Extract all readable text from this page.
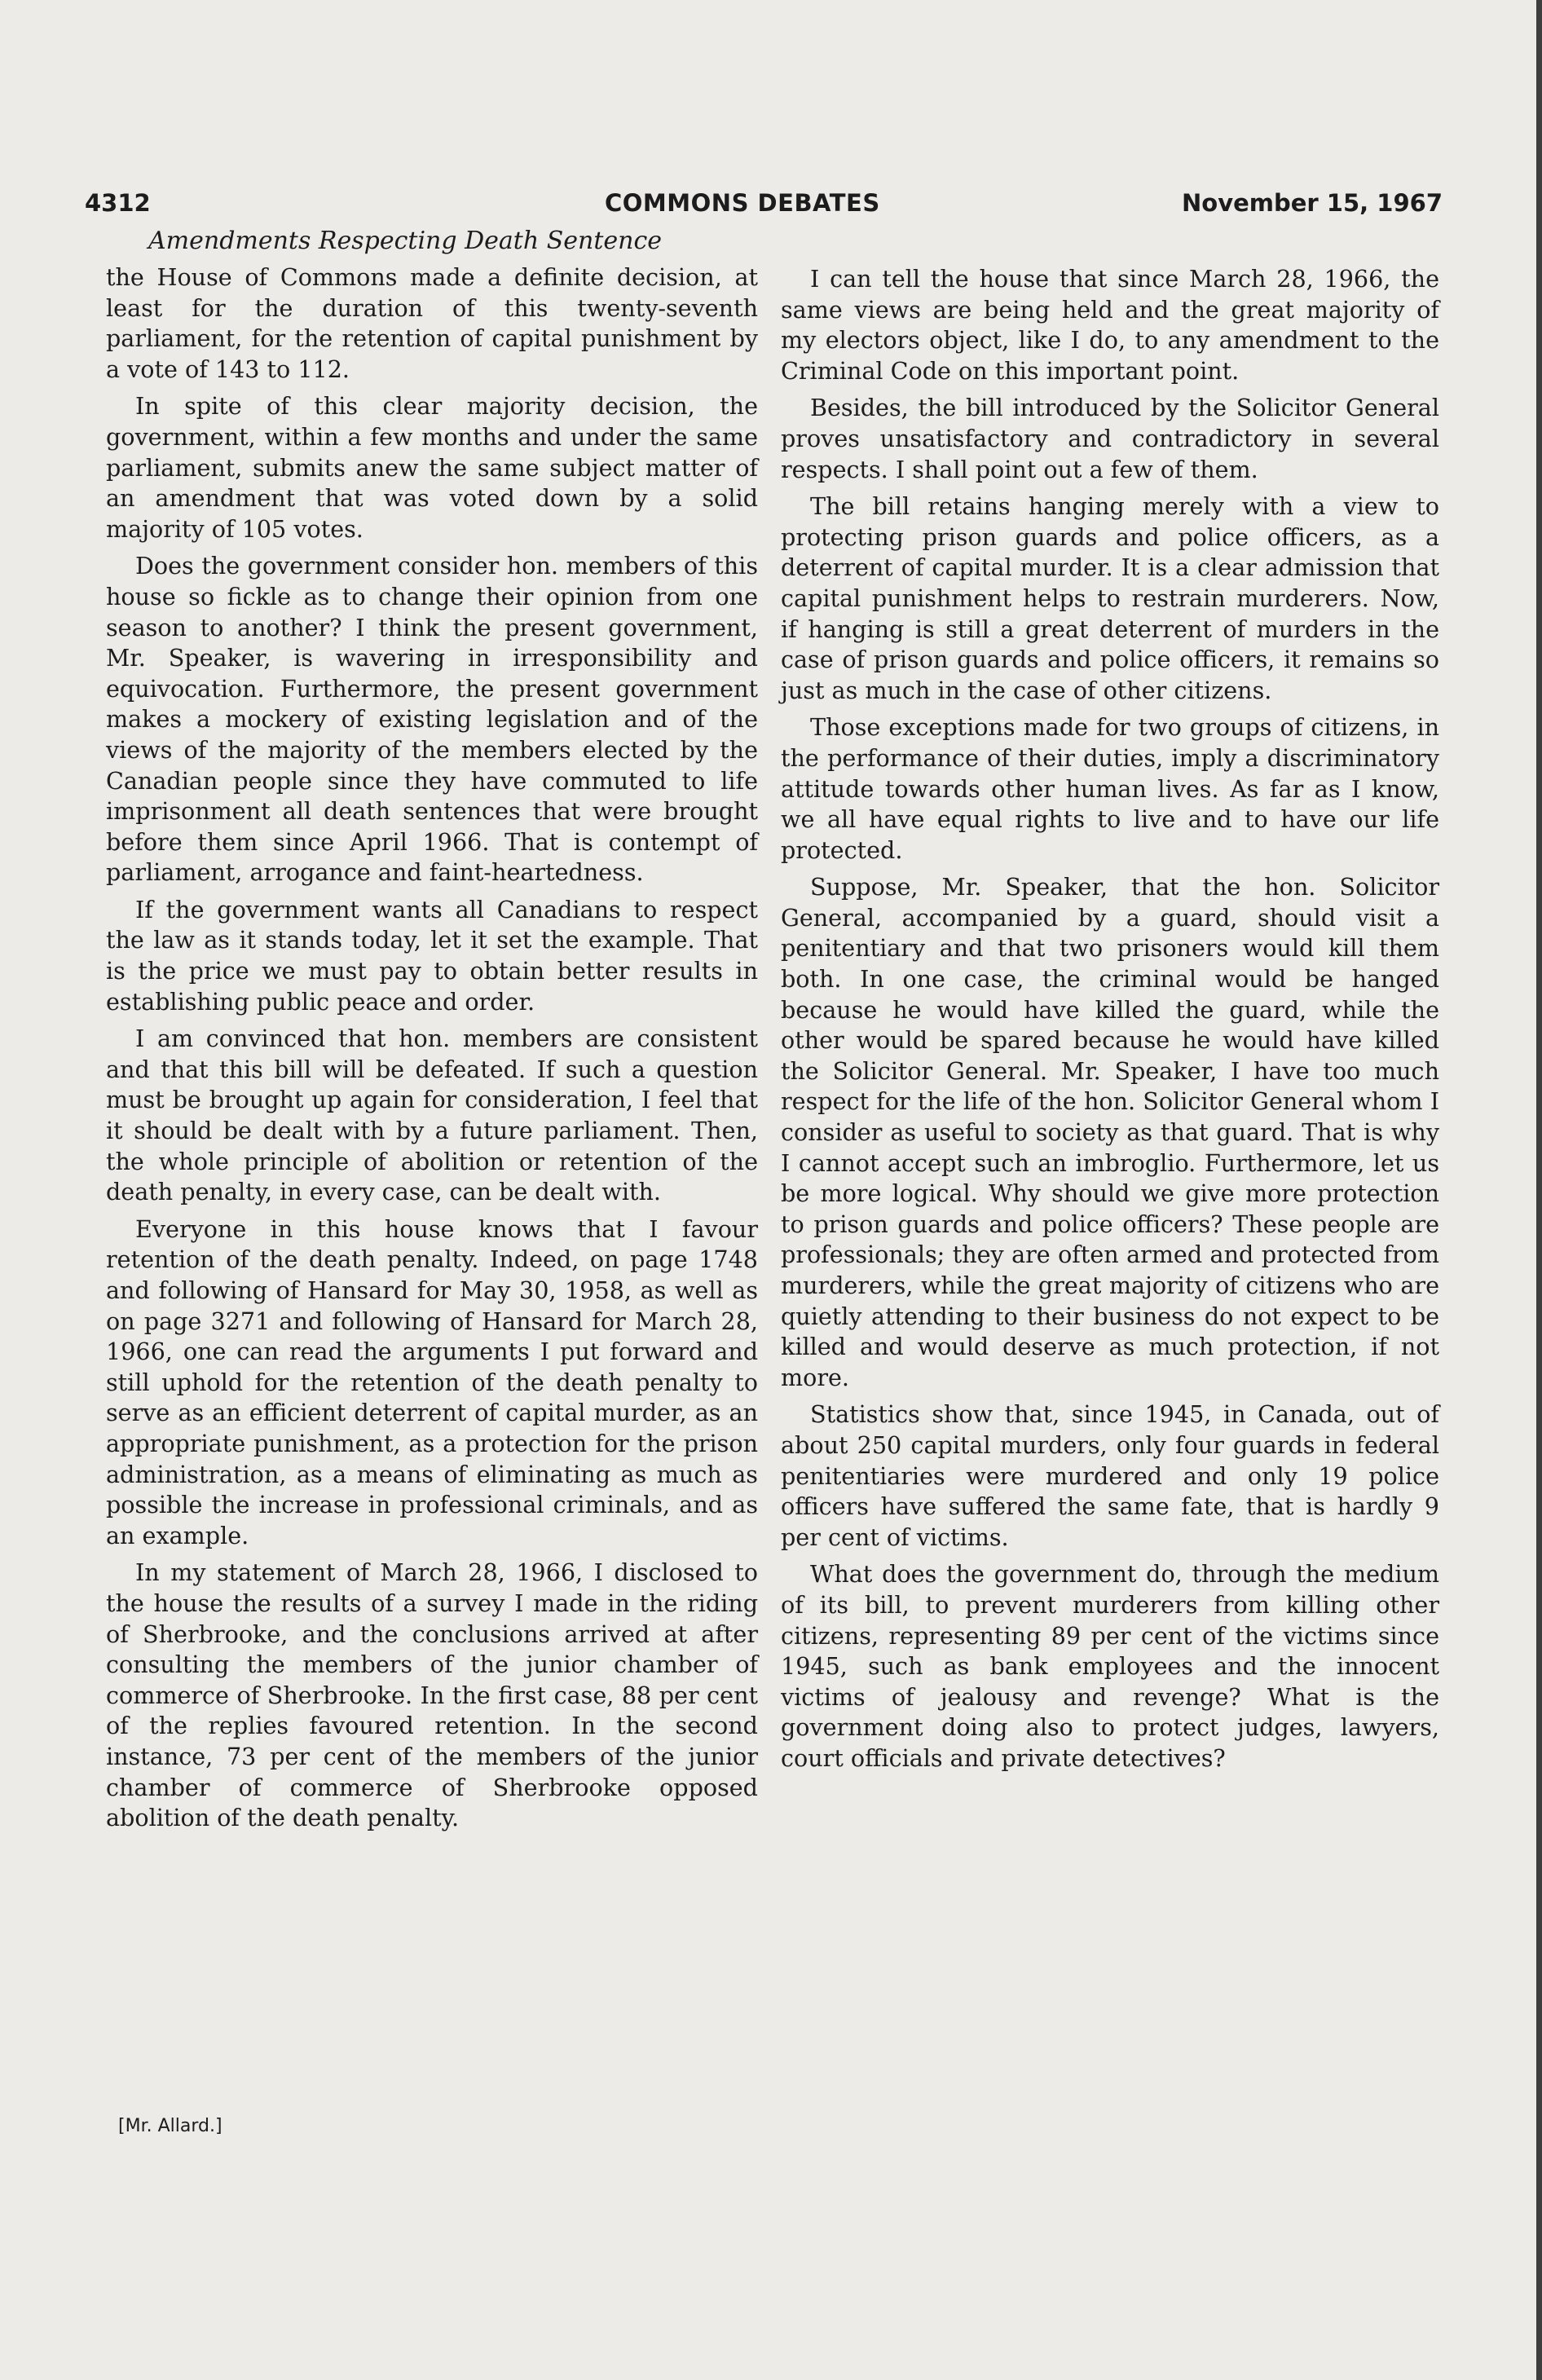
4312	COMMONS DEBATES	November 15, 1967
Amendments Respecting Death Sentence

the House of Commons made a definite decision, at least for the duration of this twenty-seventh parliament, for the retention of capital punishment by a vote of 143 to 112.

In spite of this clear majority decision, the government, within a few months and under the same parliament, submits anew the same subject matter of an amendment that was voted down by a solid majority of 105 votes.

Does the government consider hon. members of this house so fickle as to change their opinion from one season to another? I think the present government, Mr. Speaker, is wavering in irresponsibility and equivocation. Furthermore, the present government makes a mockery of existing legislation and of the views of the majority of the members elected by the Canadian people since they have commuted to life imprisonment all death sentences that were brought before them since April 1966. That is contempt of parliament, arrogance and faint-heartedness.

If the government wants all Canadians to respect the law as it stands today, let it set the example. That is the price we must pay to obtain better results in establishing public peace and order.

I am convinced that hon. members are consistent and that this bill will be defeated. If such a question must be brought up again for consideration, I feel that it should be dealt with by a future parliament. Then, the whole principle of abolition or retention of the death penalty, in every case, can be dealt with.

Everyone in this house knows that I favour retention of the death penalty. Indeed, on page 1748 and following of Hansard for May 30, 1958, as well as on page 3271 and following of Hansard for March 28, 1966, one can read the arguments I put forward and still uphold for the retention of the death penalty to serve as an efficient deterrent of capital murder, as an appropriate punishment, as a protection for the prison administration, as a means of eliminating as much as possible the increase in professional criminals, and as an example.

In my statement of March 28, 1966, I disclosed to the house the results of a survey I made in the riding of Sherbrooke, and the conclusions arrived at after consulting the members of the junior chamber of commerce of Sherbrooke. In the first case, 88 per cent of the replies favoured retention. In the second instance, 73 per cent of the members of the junior chamber of commerce of Sherbrooke opposed abolition of the death penalty.

I can tell the house that since March 28, 1966, the same views are being held and the great majority of my electors object, like I do, to any amendment to the Criminal Code on this important point.

Besides, the bill introduced by the Solicitor General proves unsatisfactory and contradictory in several respects. I shall point out a few of them.

The bill retains hanging merely with a view to protecting prison guards and police officers, as a deterrent of capital murder. It is a clear admission that capital punishment helps to restrain murderers. Now, if hanging is still a great deterrent of murders in the case of prison guards and police officers, it remains so just as much in the case of other citizens.

Those exceptions made for two groups of citizens, in the performance of their duties, imply a discriminatory attitude towards other human lives. As far as I know, we all have equal rights to live and to have our life protected.

Suppose, Mr. Speaker, that the hon. Solicitor General, accompanied by a guard, should visit a penitentiary and that two prisoners would kill them both. In one case, the criminal would be hanged because he would have killed the guard, while the other would be spared because he would have killed the Solicitor General. Mr. Speaker, I have too much respect for the life of the hon. Solicitor General whom I consider as useful to society as that guard. That is why I cannot accept such an imbroglio. Furthermore, let us be more logical. Why should we give more protection to prison guards and police officers? These people are professionals; they are often armed and protected from murderers, while the great majority of citizens who are quietly attending to their business do not expect to be killed and would deserve as much protection, if not more.

Statistics show that, since 1945, in Canada, out of about 250 capital murders, only four guards in federal penitentiaries were murdered and only 19 police officers have suffered the same fate, that is hardly 9 per cent of victims.

What does the government do, through the medium of its bill, to prevent murderers from killing other citizens, representing 89 per cent of the victims since 1945, such as bank employees and the innocent victims of jealousy and revenge? What is the government doing also to protect judges, lawyers, court officials and private detectives?

[Mr. Allard.]
